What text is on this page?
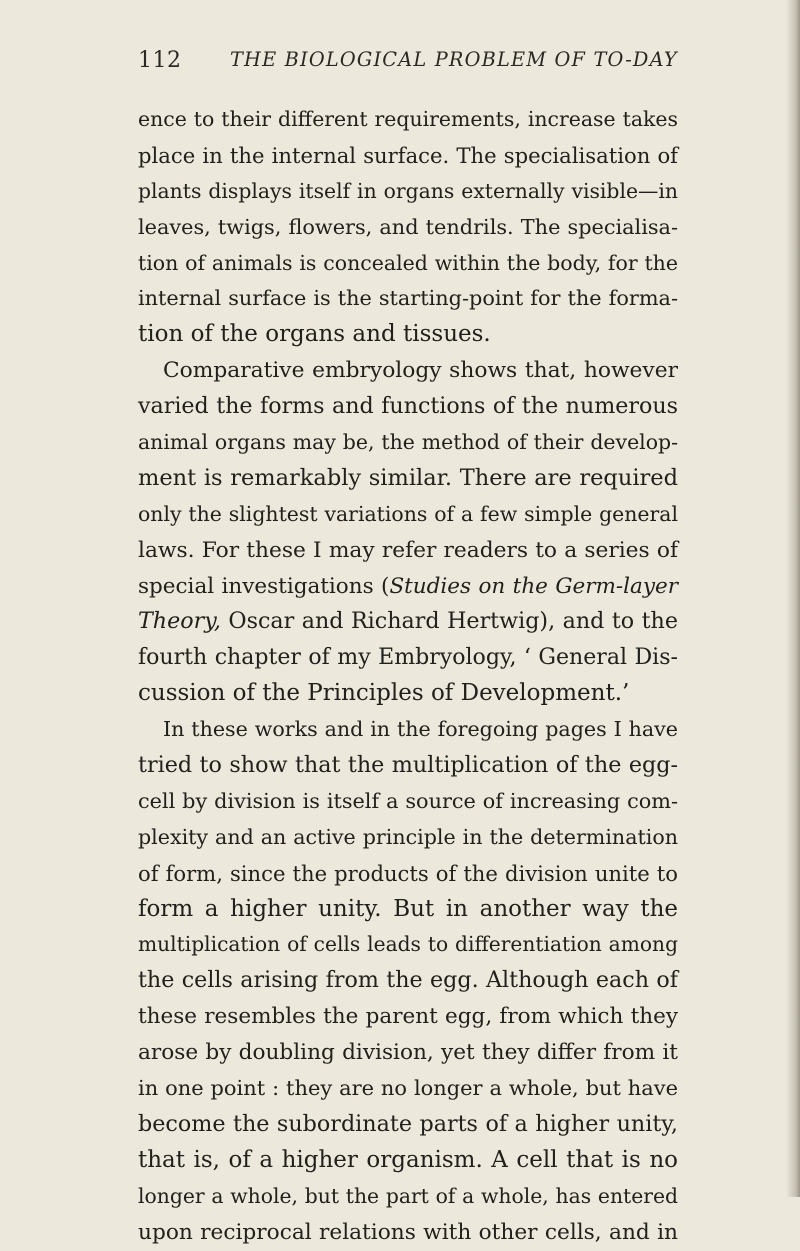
112	THE BIOLOGICAL PROBLEM OF TO-DAY
ence to their different requirements, increase takes
place in the internal surface. The specialisation of
plants displays itself in organs externally visible—in
leaves, twigs, flowers, and tendrils. The specialisa-
tion of animals is concealed within the body, for the
internal surface is the starting-point for the forma-
tion of the organs and tissues.
Comparative embryology shows that, however
varied the forms and functions of the numerous
animal organs may be, the method of their develop-
ment is remarkably similar. There are required
only the slightest variations of a few simple general
laws. For these I may refer readers to a series of
special investigations (Studies on the Germ-layer
Theory, Oscar and Richard Hertwig), and to the
fourth chapter of my Embryology, ‘ General Dis-
cussion of the Principles of Development.’
In these works and in the foregoing pages I have
tried to show that the multiplication of the egg-
cell by division is itself a source of increasing com-
plexity and an active principle in the determination
of form, since the products of the division unite to
form a higher unity. But in another way the
multiplication of cells leads to differentiation among
the cells arising from the egg. Although each of
these resembles the parent egg, from which they
arose by doubling division, yet they differ from it
in one point : they are no longer a whole, but have
become the subordinate parts of a higher unity,
that is, of a higher organism. A cell that is no
longer a whole, but the part of a whole, has entered
upon reciprocal relations with other cells, and in
